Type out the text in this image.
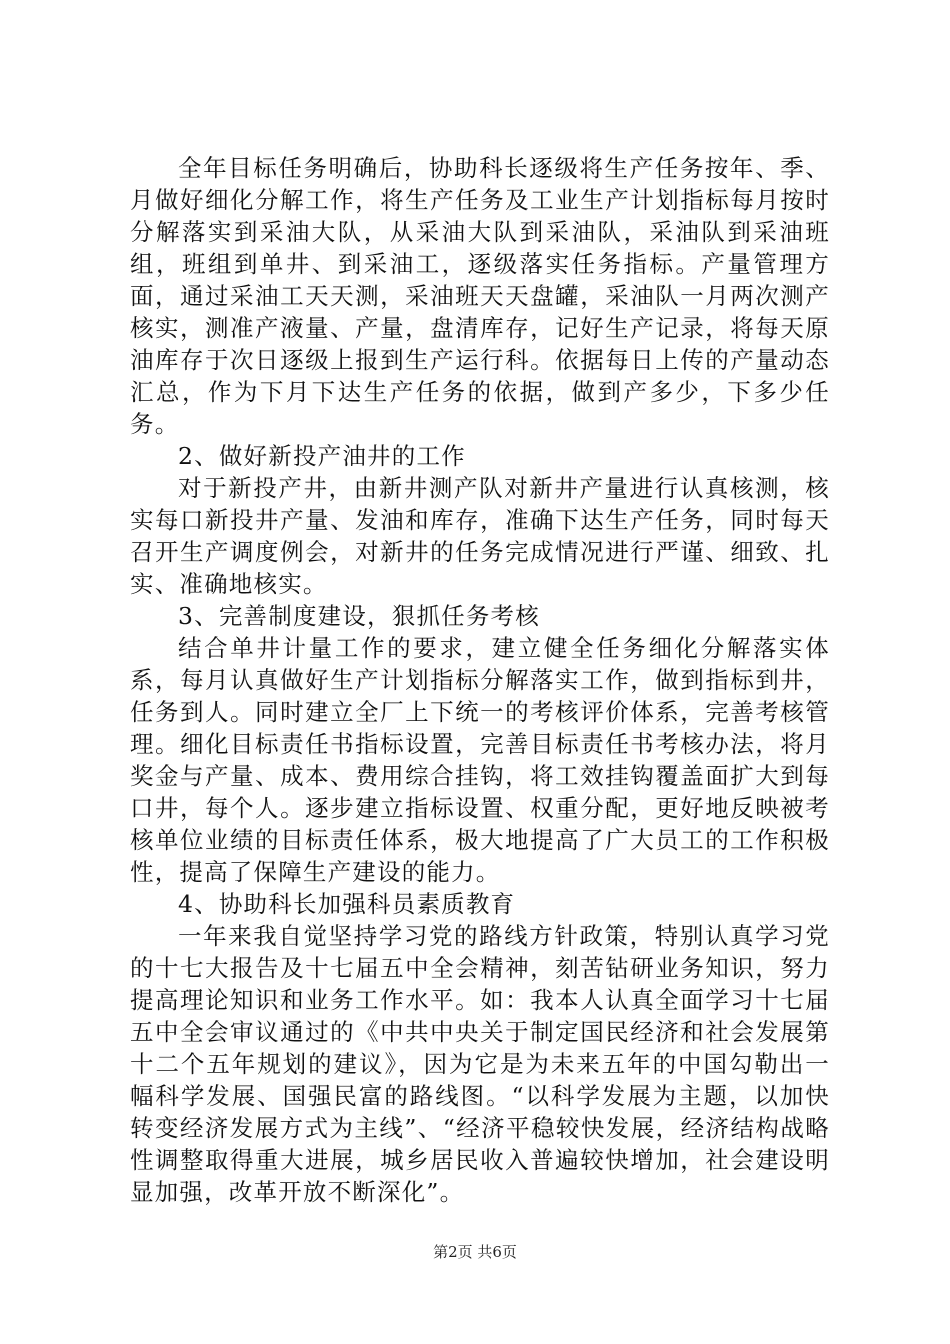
全年目标任务明确后，协助科长逐级将生产任务按年、季、月做好细化分解工作，将生产任务及工业生产计划指标每月按时分解落实到采油大队，从采油大队到采油队，采油队到采油班组，班组到单井、到采油工，逐级落实任务指标。产量管理方面，通过采油工天天测，采油班天天盘罐，采油队一月两次测产核实，测准产液量、产量，盘清库存，记好生产记录，将每天原油库存于次日逐级上报到生产运行科。依据每日上传的产量动态汇总，作为下月下达生产任务的依据，做到产多少，下多少任务。

2、做好新投产油井的工作

对于新投产井，由新井测产队对新井产量进行认真核测，核实每口新投井产量、发油和库存，准确下达生产任务，同时每天召开生产调度例会，对新井的任务完成情况进行严谨、细致、扎实、准确地核实。

3、完善制度建设，狠抓任务考核

结合单井计量工作的要求，建立健全任务细化分解落实体系，每月认真做好生产计划指标分解落实工作，做到指标到井，任务到人。同时建立全厂上下统一的考核评价体系，完善考核管理。细化目标责任书指标设置，完善目标责任书考核办法，将月奖金与产量、成本、费用综合挂钩，将工效挂钩覆盖面扩大到每口井，每个人。逐步建立指标设置、权重分配，更好地反映被考核单位业绩的目标责任体系，极大地提高了广大员工的工作积极性，提高了保障生产建设的能力。

4、协助科长加强科员素质教育

一年来我自觉坚持学习党的路线方针政策，特别认真学习党的十七大报告及十七届五中全会精神，刻苦钻研业务知识，努力提高理论知识和业务工作水平。如：我本人认真全面学习十七届五中全会审议通过的《中共中央关于制定国民经济和社会发展第十二个五年规划的建议》，因为它是为未来五年的中国勾勒出一幅科学发展、国强民富的路线图。“以科学发展为主题，以加快转变经济发展方式为主线”、“经济平稳较快发展，经济结构战略性调整取得重大进展，城乡居民收入普遍较快增加，社会建设明显加强，改革开放不断深化”。

第2页 共6页
